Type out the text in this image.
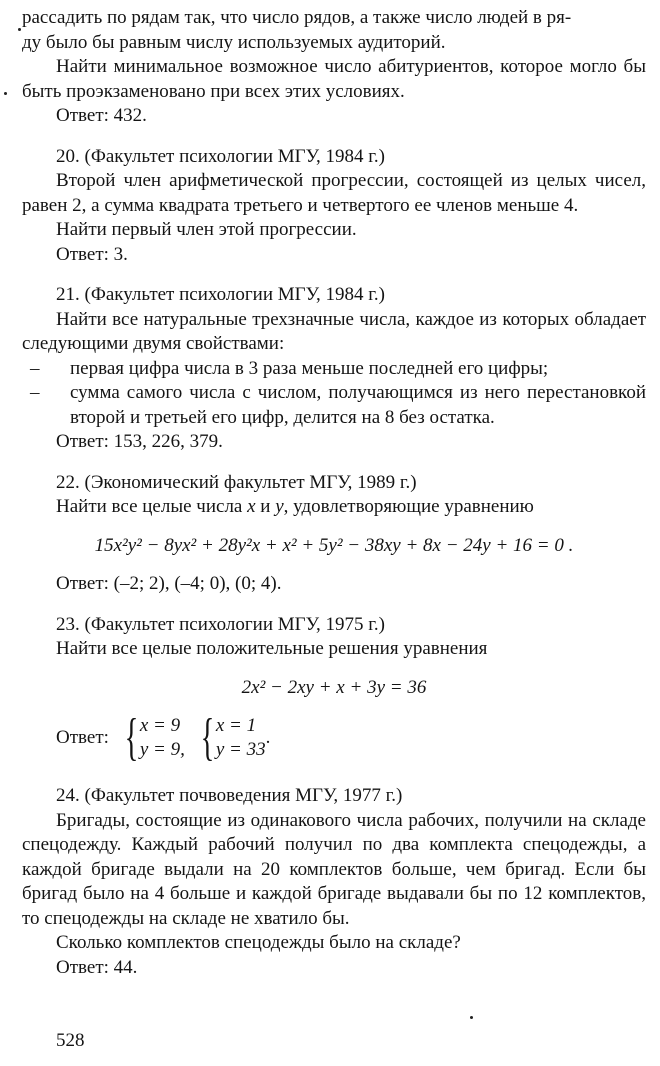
рассадить по рядам так, что число рядов, а также число людей в ря-

ду было бы равным числу используемых аудиторий.

Найти минимальное возможное число абитуриентов, которое могло бы быть проэкзаменовано при всех этих условиях.

Ответ: 432.

20. (Факультет психологии МГУ, 1984 г.)

Второй член арифметической прогрессии, состоящей из целых чисел, равен 2, а сумма квадрата третьего и четвертого ее членов меньше 4.

Найти первый член этой прогрессии.

Ответ: 3.

21. (Факультет психологии МГУ, 1984 г.)

Найти все натуральные трехзначные числа, каждое из которых обладает следующими двумя свойствами:

– первая цифра числа в 3 раза меньше последней его цифры;
– сумма самого числа с числом, получающимся из него перестановкой второй и третьей его цифр, делится на 8 без остатка.

Ответ: 153, 226, 379.

22. (Экономический факультет МГУ, 1989 г.)

Найти все целые числа x и y, удовлетворяющие уравнению

15x²y² − 8yx² + 28y²x + x² + 5y² − 38xy + 8x − 24y + 16 = 0 .

Ответ: (–2; 2), (–4; 0), (0; 4).

23. (Факультет психологии МГУ, 1975 г.)

Найти все целые положительные решения уравнения

2x² − 2xy + x + 3y = 36
Ответ: { x = 9
y = 9, { x = 1
y = 33
.

24. (Факультет почвоведения МГУ, 1977 г.)

Бригады, состоящие из одинакового числа рабочих, получили на складе спецодежду. Каждый рабочий получил по два комплекта спецодежды, а каждой бригаде выдали на 20 комплектов больше, чем бригад. Если бы бригад было на 4 больше и каждой бригаде выдавали бы по 12 комплектов, то спецодежды на складе не хватило бы.

Сколько комплектов спецодежды было на складе?

Ответ: 44.

528
